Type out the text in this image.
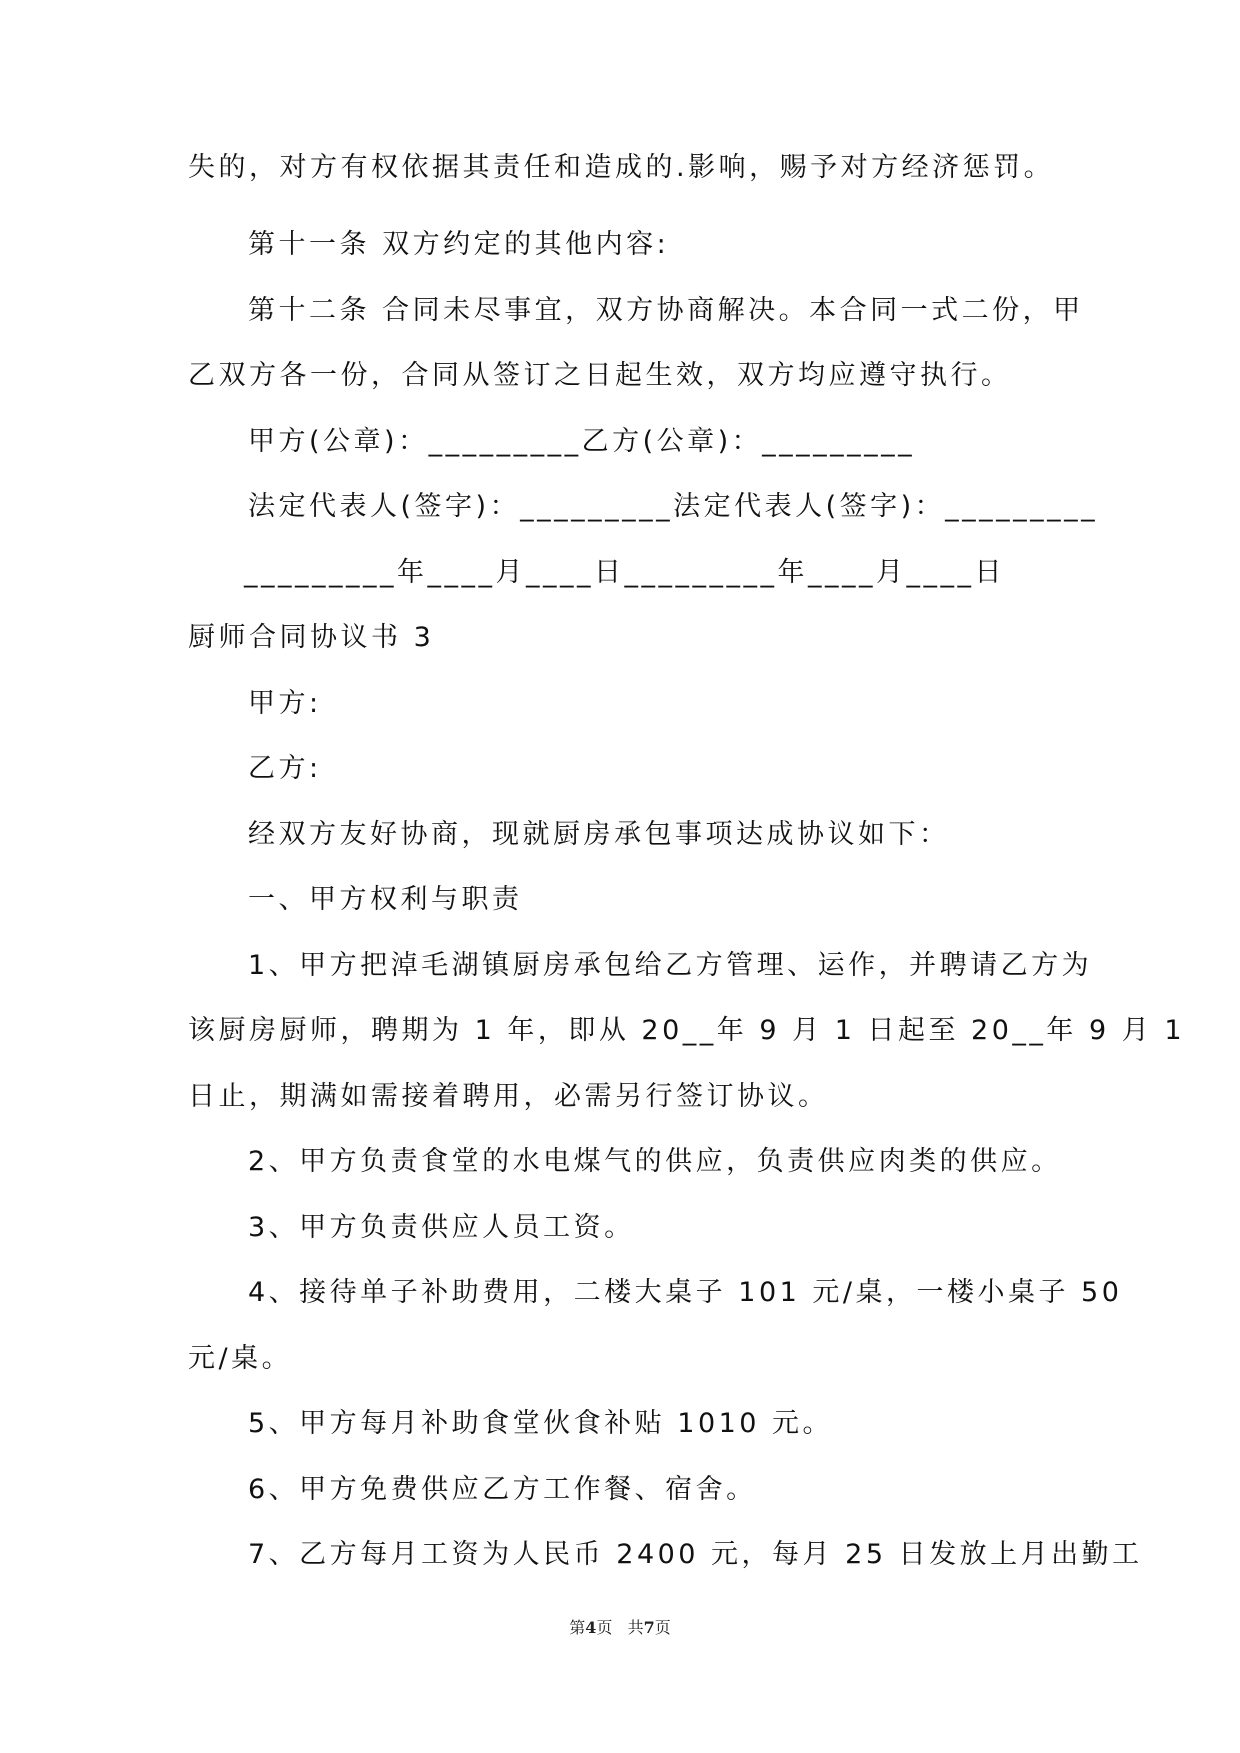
失的，对方有权依据其责任和造成的.影响，赐予对方经济惩罚。
第十一条 双方约定的其他内容:
第十二条 合同未尽事宜，双方协商解决。本合同一式二份，甲
乙双方各一份，合同从签订之日起生效，双方均应遵守执行。
甲方(公章)：_________乙方(公章)：_________
法定代表人(签字)：_________法定代表人(签字)：_________
_________年____月____日_________年____月____日
厨师合同协议书 3
甲方:
乙方:
经双方友好协商，现就厨房承包事项达成协议如下：
一、甲方权利与职责
1、甲方把淖毛湖镇厨房承包给乙方管理、运作，并聘请乙方为
该厨房厨师，聘期为 1 年，即从 20__年 9 月 1 日起至 20__年 9 月 1
日止，期满如需接着聘用，必需另行签订协议。
2、甲方负责食堂的水电煤气的供应，负责供应肉类的供应。
3、甲方负责供应人员工资。
4、接待单子补助费用，二楼大桌子 101 元/桌，一楼小桌子 50
元/桌。
5、甲方每月补助食堂伙食补贴 1010 元。
6、甲方免费供应乙方工作餐、宿舍。
7、乙方每月工资为人民币 2400 元，每月 25 日发放上月出勤工
第4页   共7页
